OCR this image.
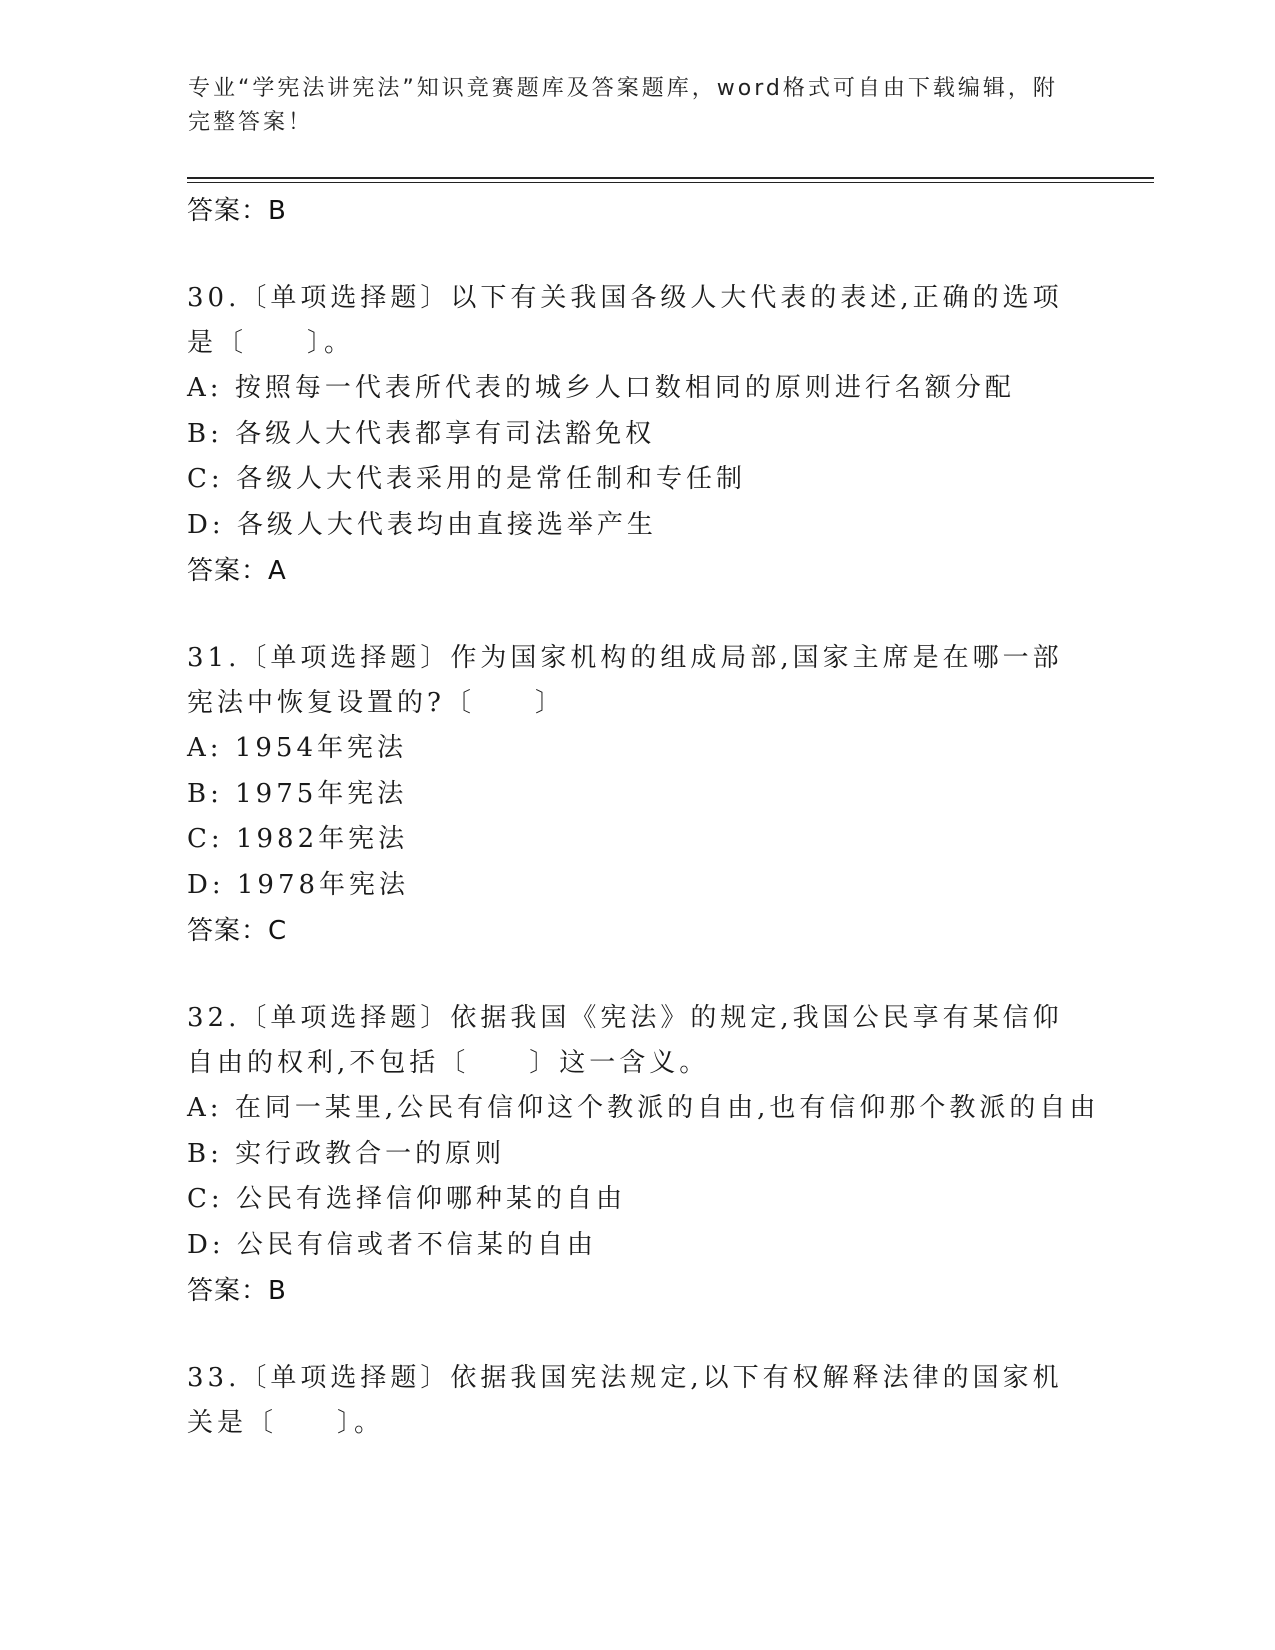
专业“学宪法讲宪法”知识竞赛题库及答案题库，word格式可自由下载编辑，附完整答案！
答案：B
30.〔单项选择题〕以下有关我国各级人大代表的表述,正确的选项是〔　　〕。
A: 按照每一代表所代表的城乡人口数相同的原则进行名额分配
B: 各级人大代表都享有司法豁免权
C: 各级人大代表采用的是常任制和专任制
D: 各级人大代表均由直接选举产生
答案：A
31.〔单项选择题〕作为国家机构的组成局部,国家主席是在哪一部宪法中恢复设置的?〔　　〕
A: 1954年宪法
B: 1975年宪法
C: 1982年宪法
D: 1978年宪法
答案：C
32.〔单项选择题〕依据我国《宪法》的规定,我国公民享有某信仰自由的权利,不包括〔　　〕这一含义。
A: 在同一某里,公民有信仰这个教派的自由,也有信仰那个教派的自由
B: 实行政教合一的原则
C: 公民有选择信仰哪种某的自由
D: 公民有信或者不信某的自由
答案：B
33.〔单项选择题〕依据我国宪法规定,以下有权解释法律的国家机关是〔　　〕。
